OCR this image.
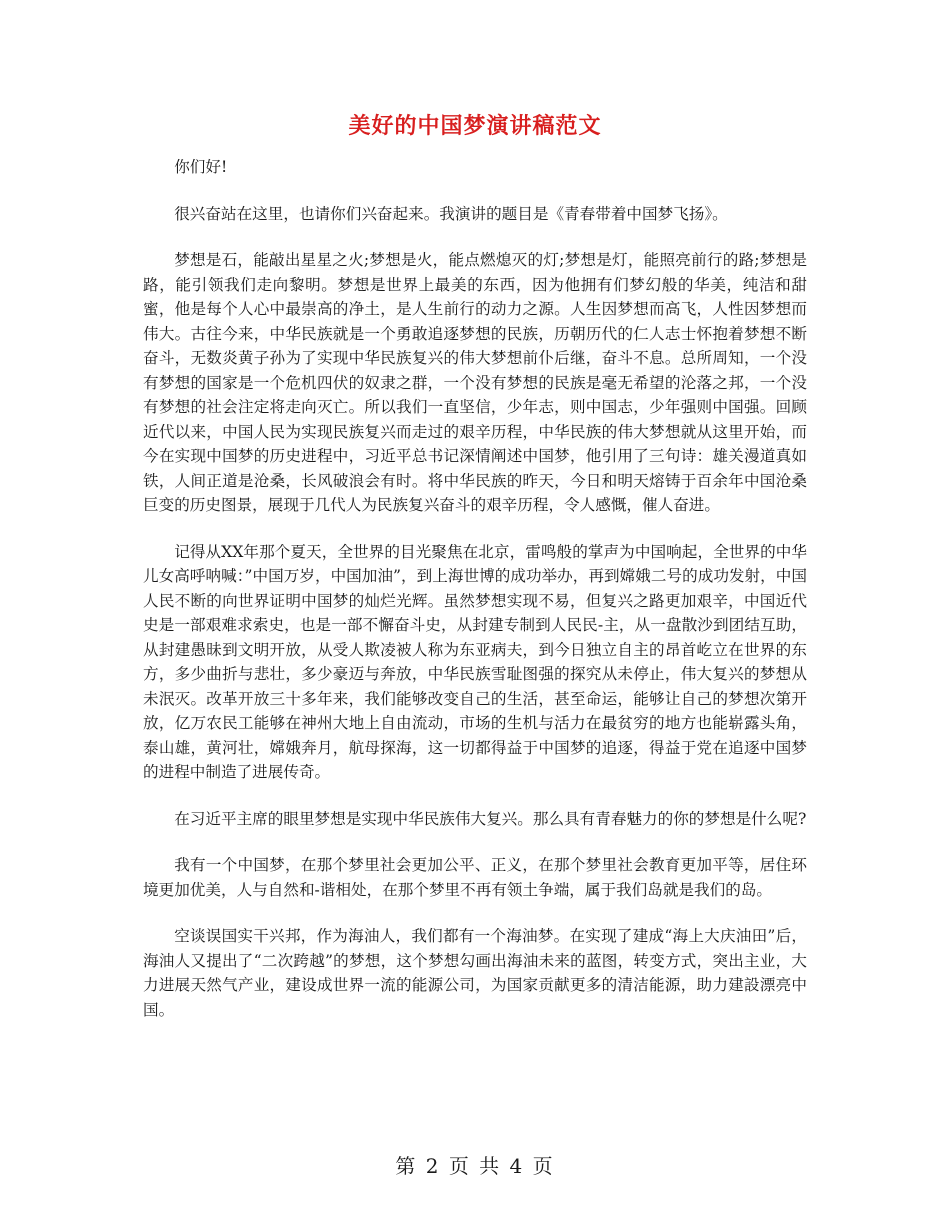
美好的中国梦演讲稿范文

你们好!

很兴奋站在这里，也请你们兴奋起来。我演讲的题目是《青春带着中国梦飞扬》。

梦想是石，能敲出星星之火;梦想是火，能点燃熄灭的灯;梦想是灯，能照亮前行的路;梦想是路，能引领我们走向黎明。梦想是世界上最美的东西，因为他拥有们梦幻般的华美，纯洁和甜蜜，他是每个人心中最崇高的净土，是人生前行的动力之源。人生因梦想而高飞，人性因梦想而伟大。古往今来，中华民族就是一个勇敢追逐梦想的民族，历朝历代的仁人志士怀抱着梦想不断奋斗，无数炎黄子孙为了实现中华民族复兴的伟大梦想前仆后继，奋斗不息。总所周知，一个没有梦想的国家是一个危机四伏的奴隶之群，一个没有梦想的民族是毫无希望的沦落之邦，一个没有梦想的社会注定将走向灭亡。所以我们一直坚信，少年志，则中国志，少年强则中国强。回顾近代以来，中国人民为实现民族复兴而走过的艰辛历程，中华民族的伟大梦想就从这里开始，而今在实现中国梦的历史进程中，习近平总书记深情阐述中国梦，他引用了三句诗：雄关漫道真如铁，人间正道是沧桑，长风破浪会有时。将中华民族的昨天，今日和明天熔铸于百余年中国沧桑巨变的历史图景，展现于几代人为民族复兴奋斗的艰辛历程，令人感慨，催人奋进。

记得从XX年那个夏天，全世界的目光聚焦在北京，雷鸣般的掌声为中国响起，全世界的中华儿女高呼呐喊：”中国万岁，中国加油”，到上海世博的成功举办，再到嫦娥二号的成功发射，中国人民不断的向世界证明中国梦的灿烂光辉。虽然梦想实现不易，但复兴之路更加艰辛，中国近代史是一部艰难求索史，也是一部不懈奋斗史，从封建专制到人民民-主，从一盘散沙到团结互助，从封建愚昧到文明开放，从受人欺凌被人称为东亚病夫，到今日独立自主的昂首屹立在世界的东方，多少曲折与悲壮，多少豪迈与奔放，中华民族雪耻图强的探究从未停止，伟大复兴的梦想从未泯灭。改革开放三十多年来，我们能够改变自己的生活，甚至命运，能够让自己的梦想次第开放，亿万农民工能够在神州大地上自由流动，市场的生机与活力在最贫穷的地方也能崭露头角，泰山雄，黄河壮，嫦娥奔月，航母探海，这一切都得益于中国梦的追逐，得益于党在追逐中国梦的进程中制造了进展传奇。

在习近平主席的眼里梦想是实现中华民族伟大复兴。那么具有青春魅力的你的梦想是什么呢?

我有一个中国梦，在那个梦里社会更加公平、正义，在那个梦里社会教育更加平等，居住环境更加优美，人与自然和-谐相处，在那个梦里不再有领土争端，属于我们岛就是我们的岛。

空谈误国实干兴邦，作为海油人，我们都有一个海油梦。在实现了建成“海上大庆油田”后，海油人又提出了“二次跨越”的梦想，这个梦想勾画出海油未来的蓝图，转变方式，突出主业，大力进展天然气产业，建设成世界一流的能源公司，为国家贡献更多的清洁能源，助力建設漂亮中国。

第 2 页 共 4 页
